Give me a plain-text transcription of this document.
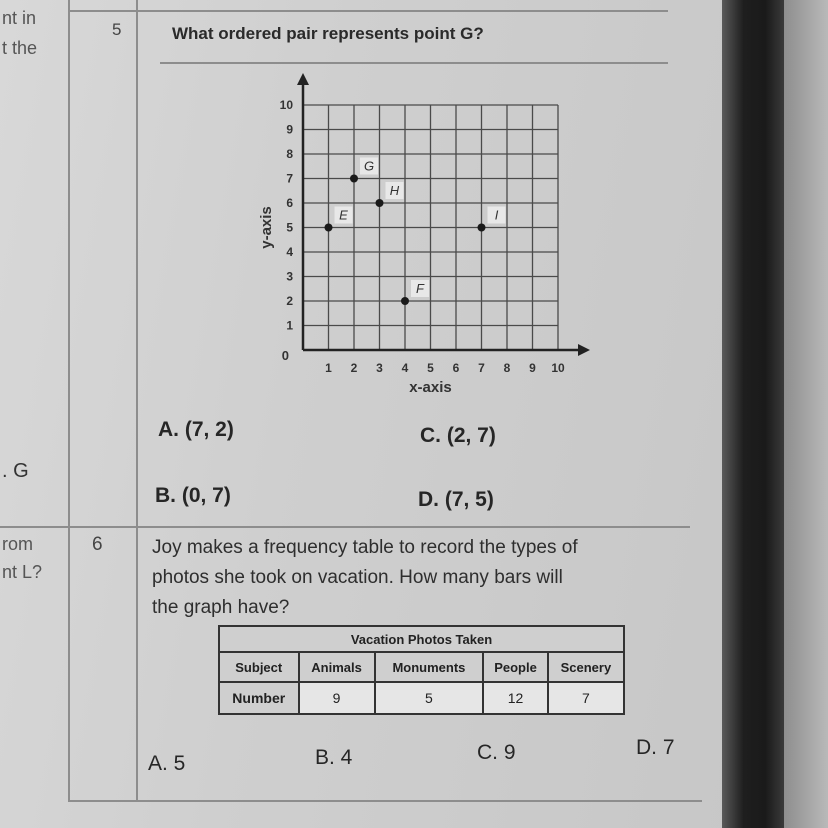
nt in
t the
. G
rom
nt L?
5	What ordered pair represents point G?
1 2 3 4 5 6 7 8 9 10
1
2
3
4
5
6
7
8
9
10
0
x-axis
y-axis
G
H
E	I
F
A. (7, 2)	C. (2, 7)
B. (0, 7)	D. (7, 5)
6	Joy makes a frequency table to record the types of
photos she took on vacation. How many bars will
the graph have?
Vacation Photos Taken				
Subject	Animals	Monuments	People	Scenery
Number	9	5	12	7
A. 5	B. 4	C. 9	D. 7
